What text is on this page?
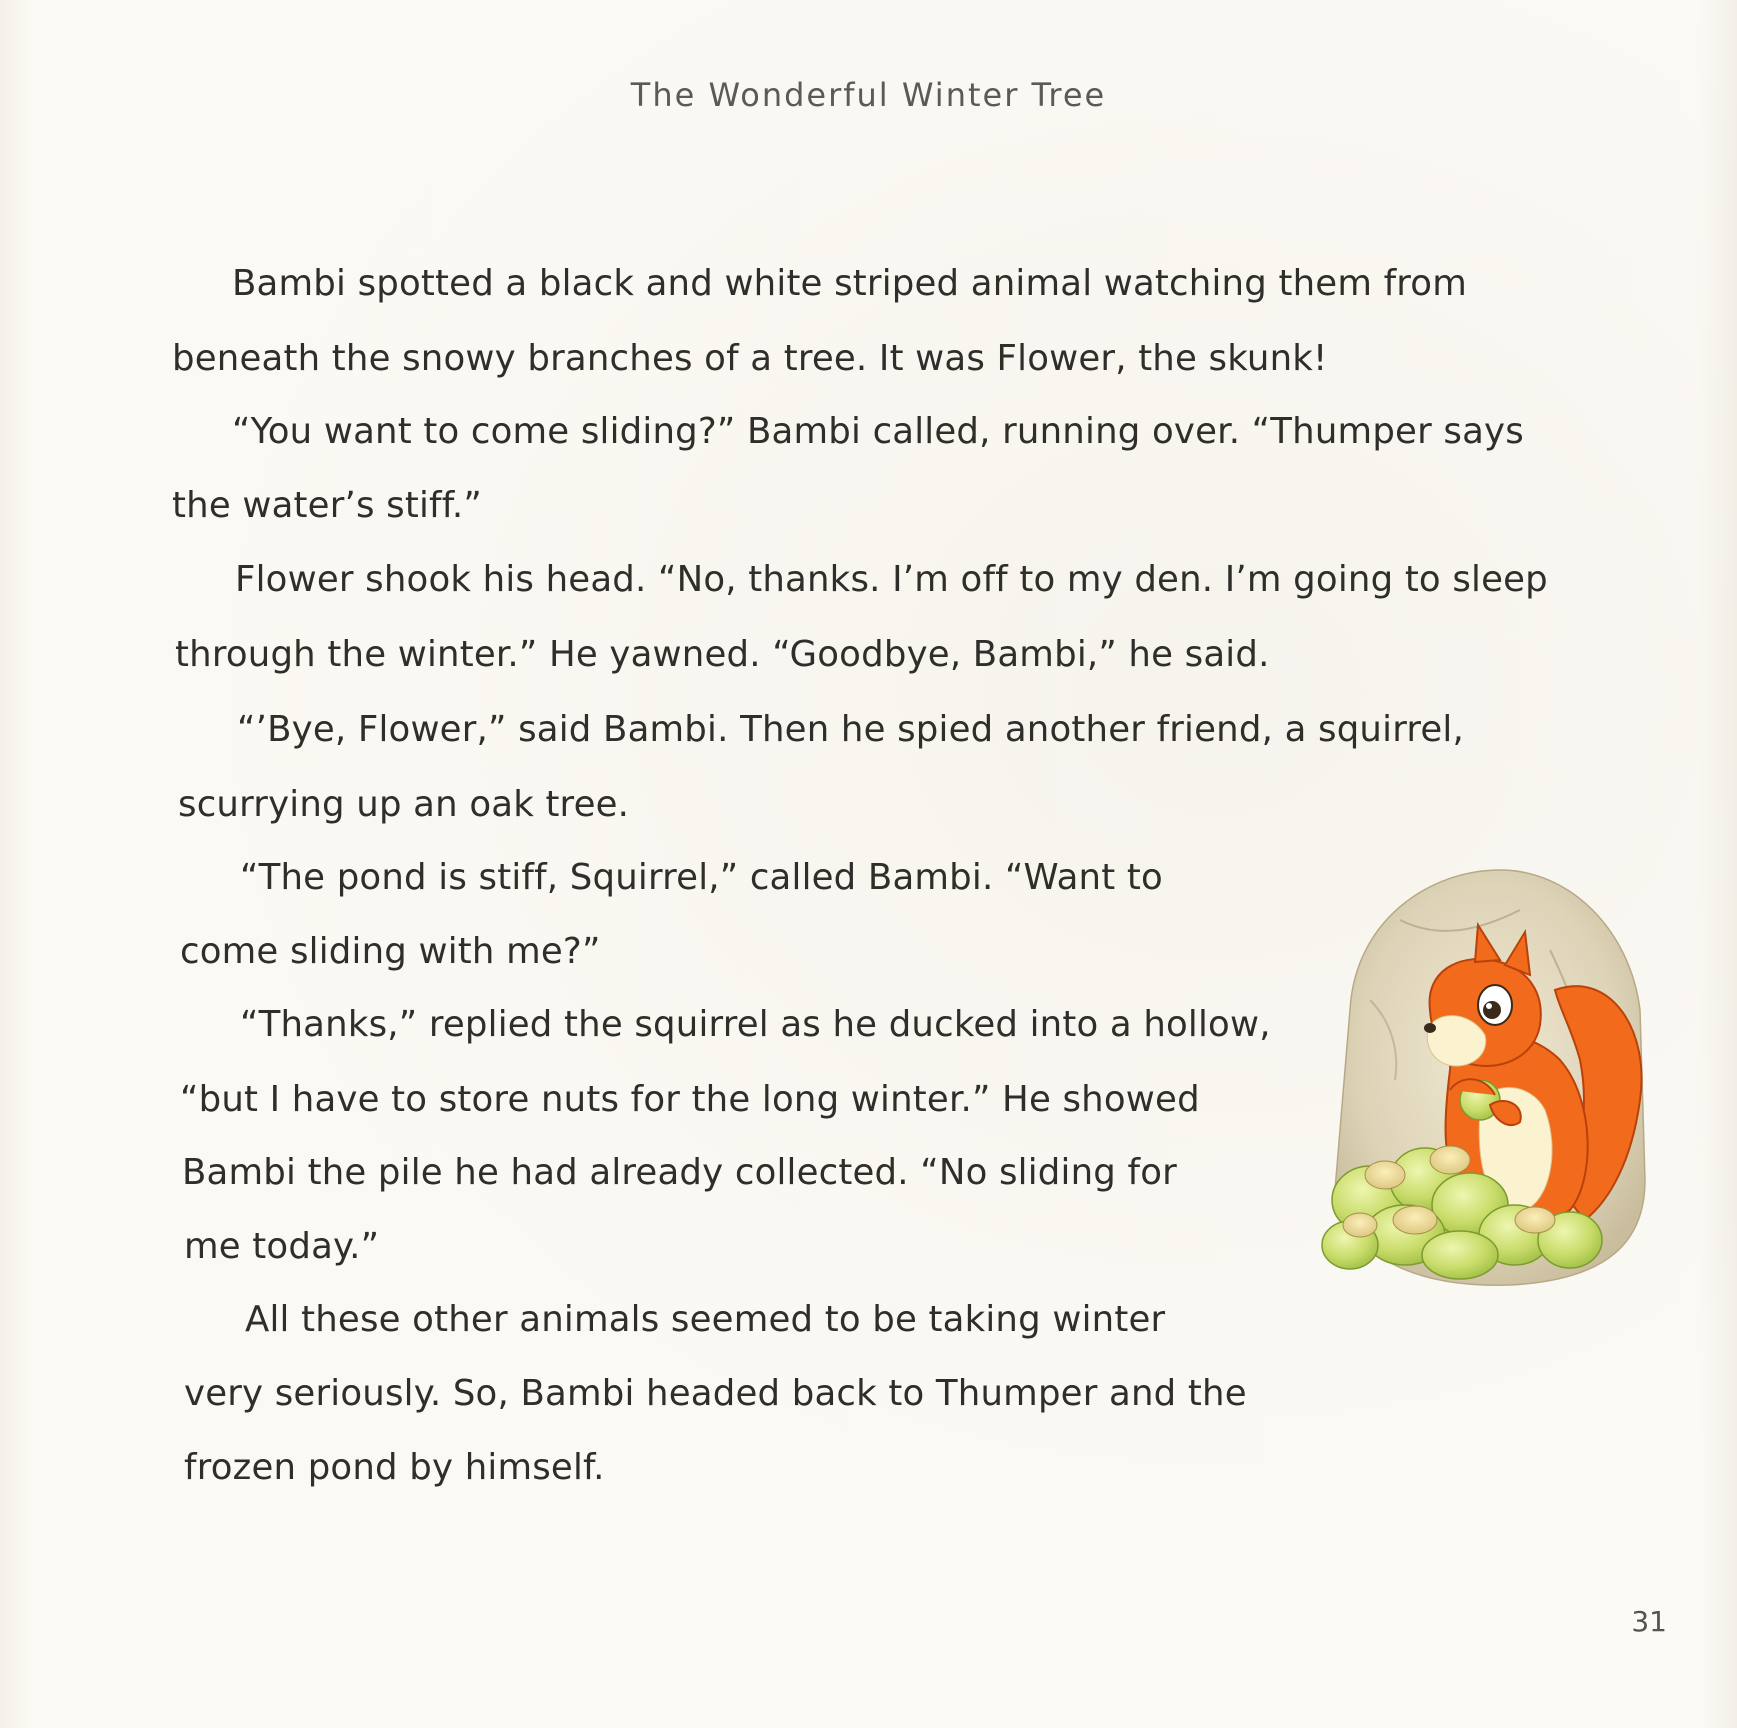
The Wonderful Winter Tree
Bambi spotted a black and white striped animal watching them from
beneath the snowy branches of a tree. It was Flower, the skunk!
“You want to come sliding?” Bambi called, running over. “Thumper says
the water’s stiff.”
Flower shook his head. “No, thanks. I’m off to my den. I’m going to sleep
through the winter.” He yawned. “Goodbye, Bambi,” he said.
“’Bye, Flower,” said Bambi. Then he spied another friend, a squirrel,
scurrying up an oak tree.
“The pond is stiff, Squirrel,” called Bambi. “Want to
come sliding with me?”
“Thanks,” replied the squirrel as he ducked into a hollow,
“but I have to store nuts for the long winter.” He showed
Bambi the pile he had already collected. “No sliding for
me today.”
All these other animals seemed to be taking winter
very seriously. So, Bambi headed back to Thumper and the
frozen pond by himself.
31
